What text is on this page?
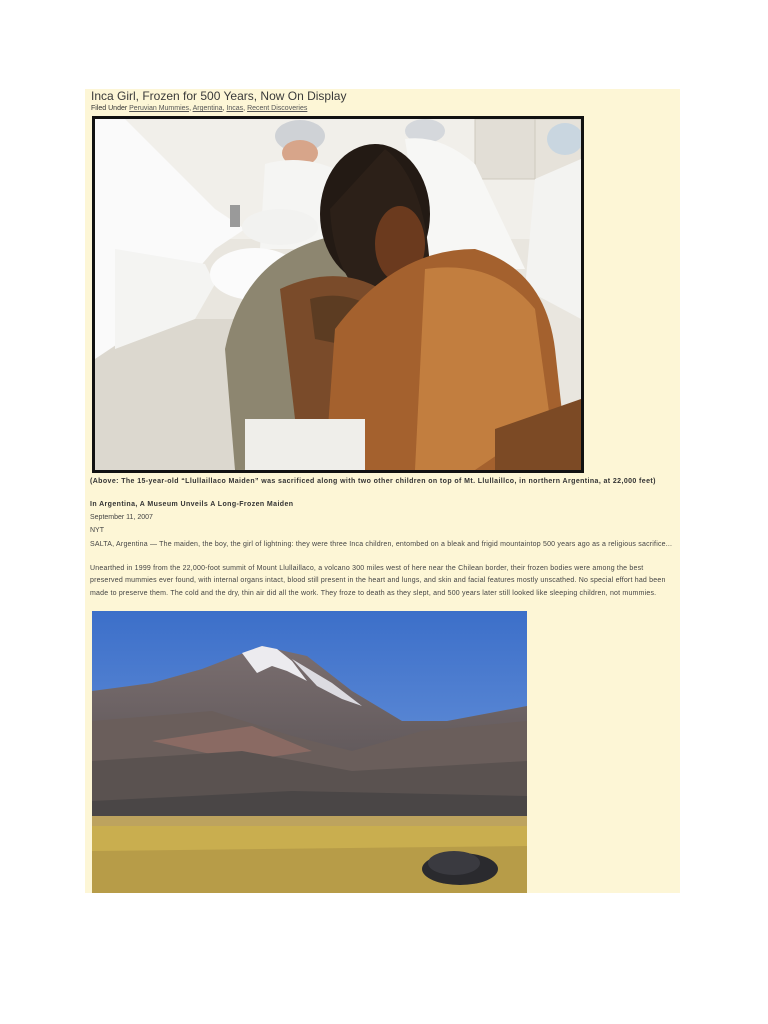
Inca Girl, Frozen for 500 Years, Now On Display
Filed Under Peruvian Mummies, Argentina, Incas, Recent Discoveries
(Above: The 15-year-old “Llullaillaco Maiden” was sacrificed along with two other children on top of Mt. Llullaillco, in northern Argentina, at 22,000 feet)
In Argentina, A Museum Unveils A Long-Frozen Maiden
September 11, 2007
NYT
SALTA, Argentina — The maiden, the boy, the girl of lightning: they were three Inca children, entombed on a bleak and frigid mountaintop 500 years ago as a religious sacrifice...
Unearthed in 1999 from the 22,000-foot summit of Mount Llullaillaco, a volcano 300 miles west of here near the Chilean border, their frozen bodies were among the best preserved mummies ever found, with internal organs intact, blood still present in the heart and lungs, and skin and facial features mostly unscathed. No special effort had been made to preserve them. The cold and the dry, thin air did all the work. They froze to death as they slept, and 500 years later still looked like sleeping children, not mummies.
